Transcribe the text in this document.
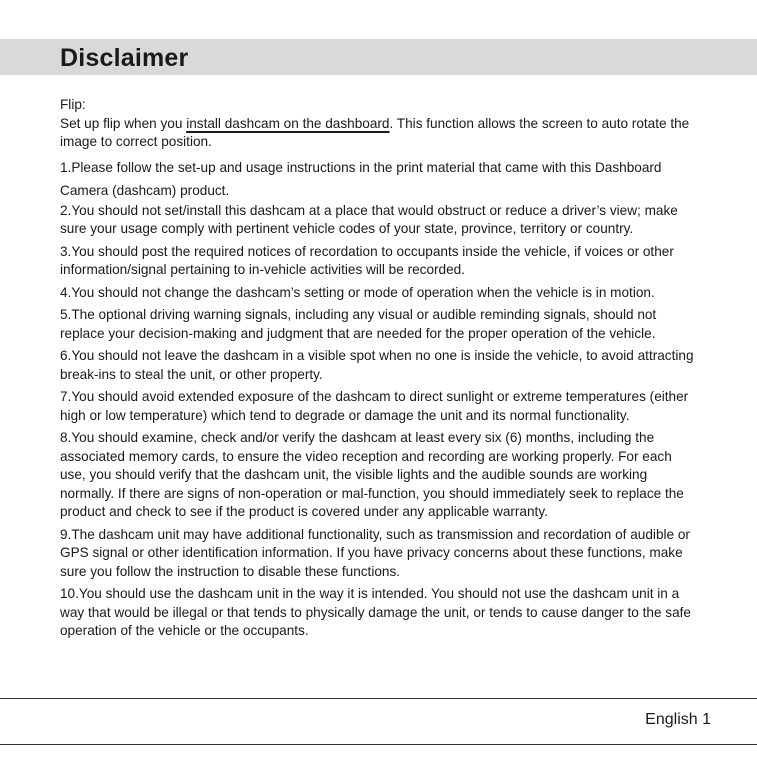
Disclaimer

Flip:

Set up flip when you install dashcam on the dashboard. This function allows the screen to auto rotate the image to correct position.

1.Please follow the set-up and usage instructions in the print material that came with this Dashboard Camera (dashcam) product.

2.You should not set/install this dashcam at a place that would obstruct or reduce a driver’s view; make sure your usage comply with pertinent vehicle codes of your state, province, territory or country.

3.You should post the required notices of recordation to occupants inside the vehicle, if voices or other information/signal pertaining to in-vehicle activities will be recorded.

4.You should not change the dashcam’s setting or mode of operation when the vehicle is in motion.

5.The optional driving warning signals, including any visual or audible reminding signals, should not replace your decision-making and judgment that are needed for the proper operation of the vehicle.

6.You should not leave the dashcam in a visible spot when no one is inside the vehicle, to avoid attracting break-ins to steal the unit, or other property.

7.You should avoid extended exposure of the dashcam to direct sunlight or extreme temperatures (either high or low temperature) which tend to degrade or damage the unit and its normal functionality.

8.You should examine, check and/or verify the dashcam at least every six (6) months, including the associated memory cards, to ensure the video reception and recording are working properly. For each use, you should verify that the dashcam unit, the visible lights and the audible sounds are working normally. If there are signs of non-operation or mal-function, you should immediately seek to replace the product and check to see if the product is covered under any applicable warranty.

9.The dashcam unit may have additional functionality, such as transmission and recordation of audible or GPS signal or other identification information. If you have privacy concerns about these functions, make sure you follow the instruction to disable these functions.

10.You should use the dashcam unit in the way it is intended. You should not use the dashcam unit in a way that would be illegal or that tends to physically damage the unit, or tends to cause danger to the safe operation of the vehicle or the occupants.

English 1
